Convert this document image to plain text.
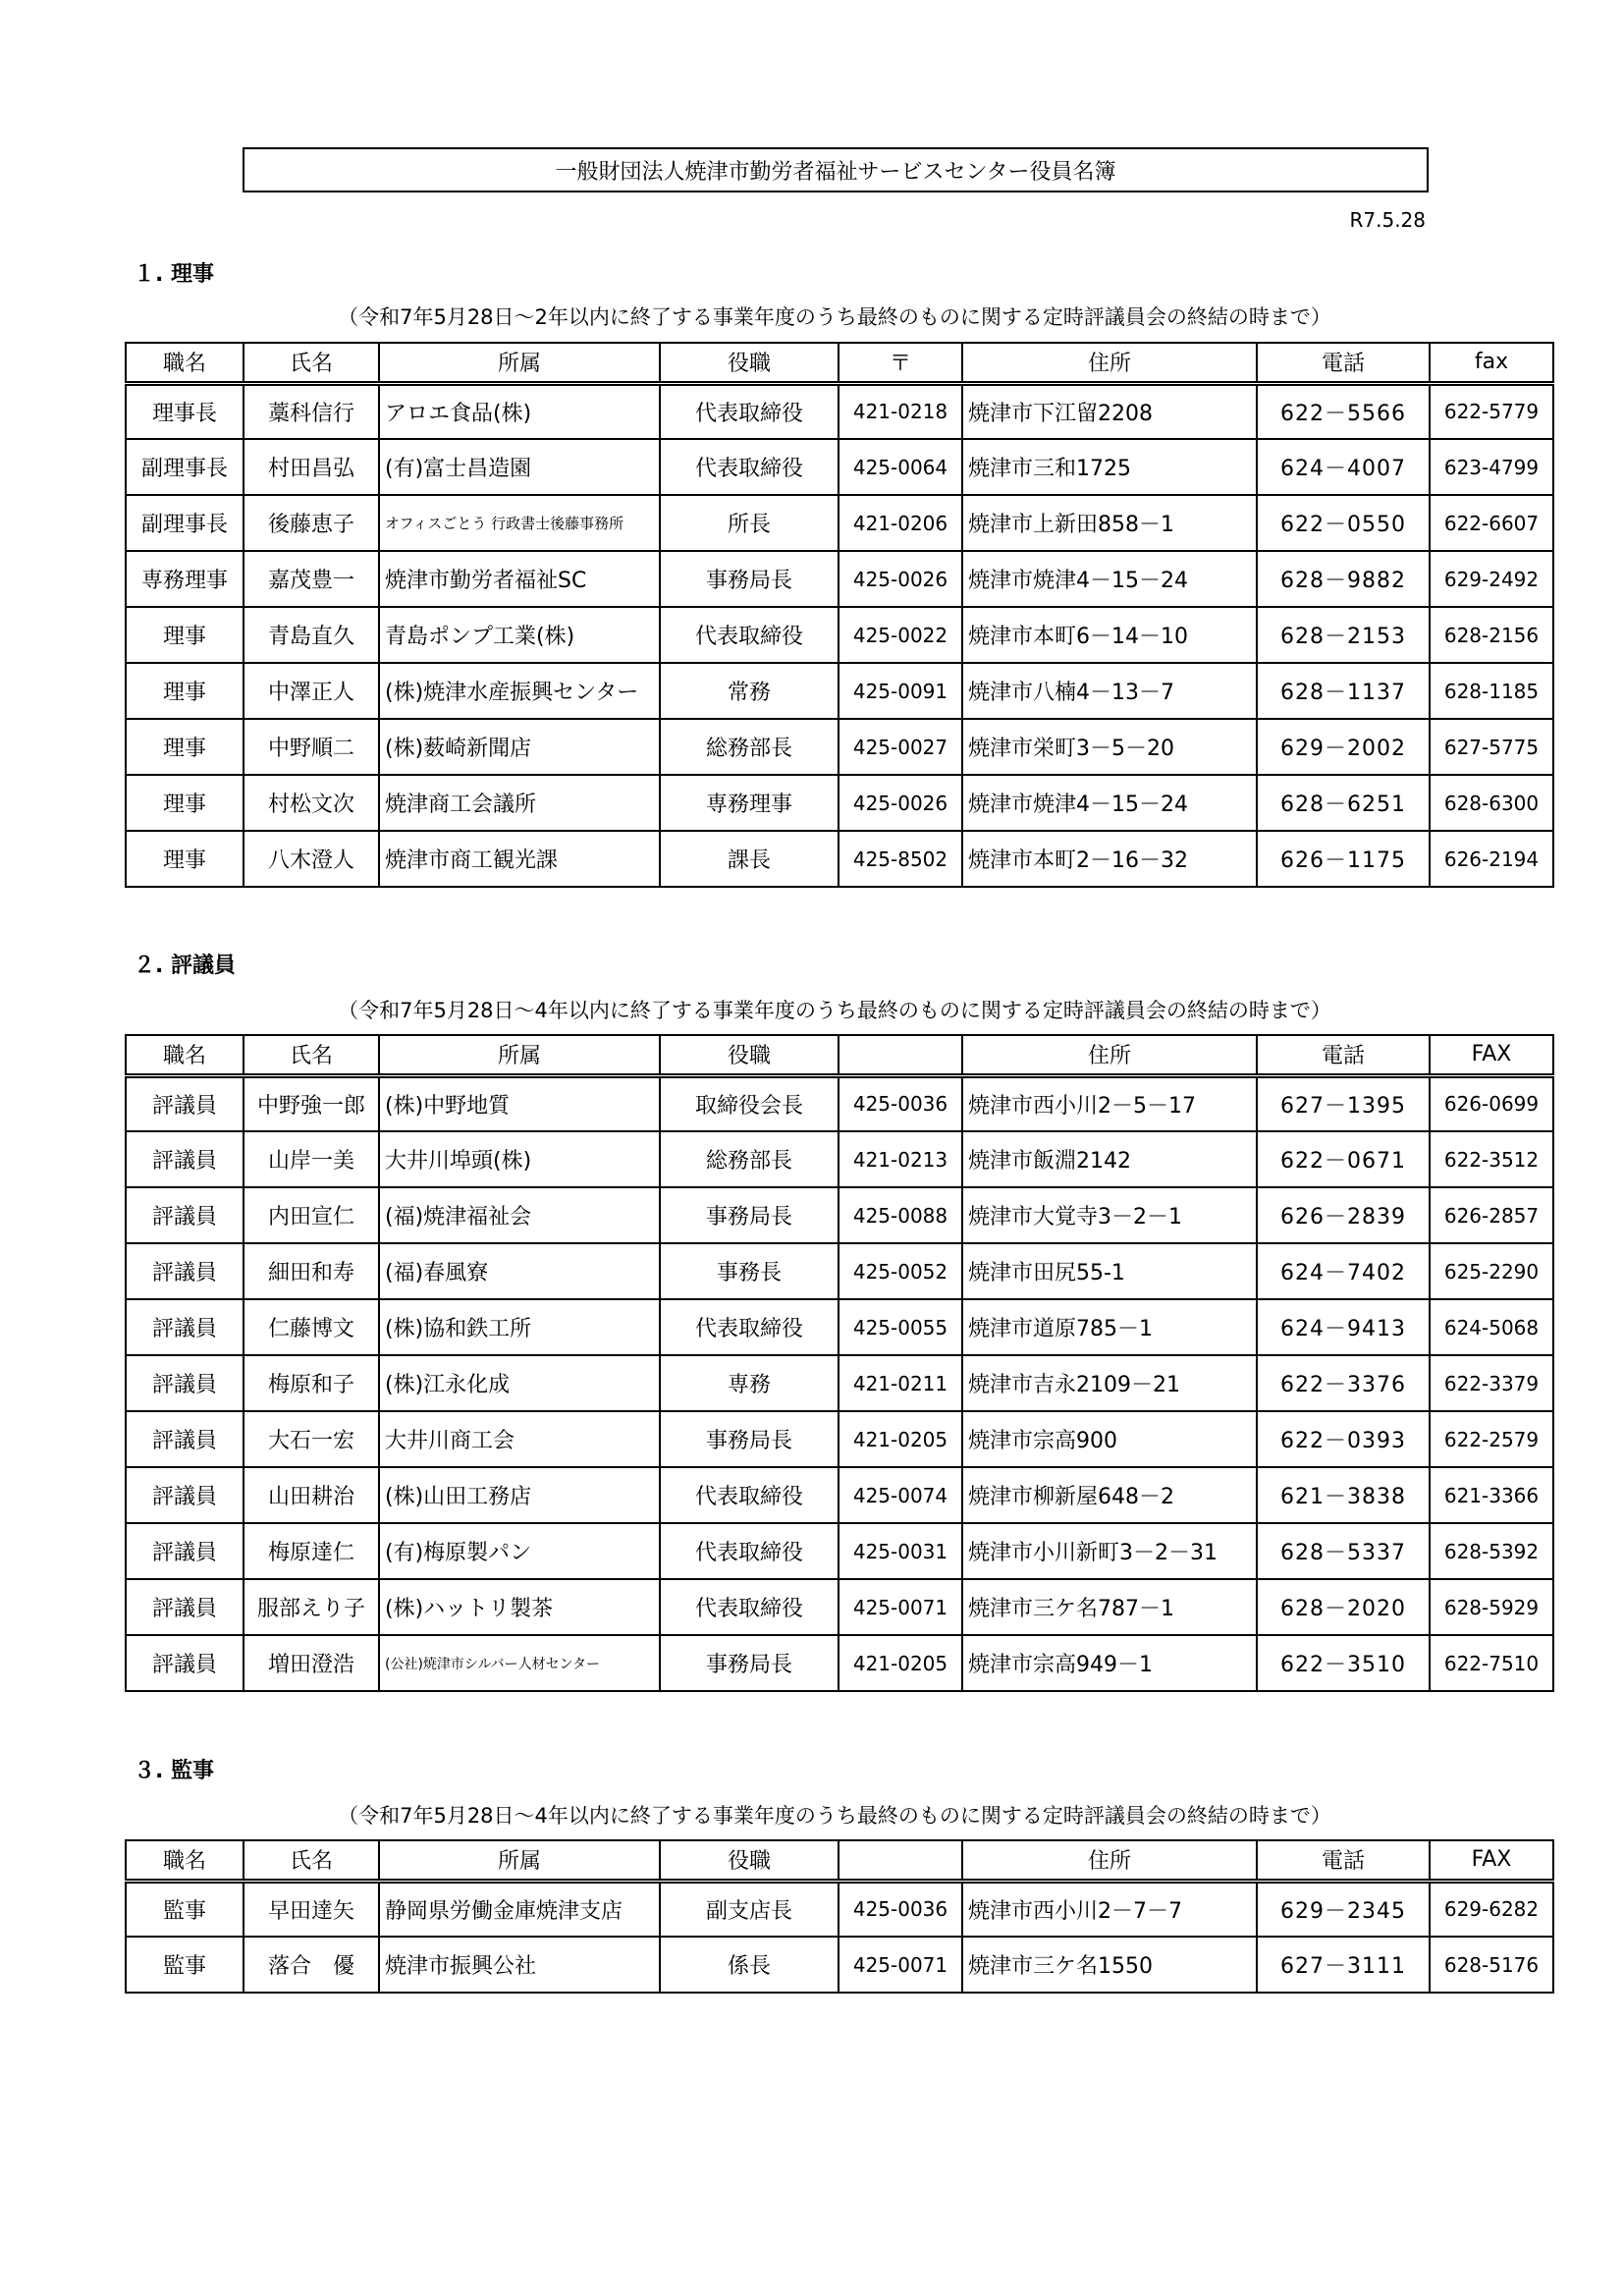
一般財団法人焼津市勤労者福祉サービスセンター役員名簿
R7.5.28
１. 理事
（令和7年5月28日～2年以内に終了する事業年度のうち最終のものに関する定時評議員会の終結の時まで）
職名	氏名	所属	役職	〒	住所	電話	fax
理事長	藁科信行	アロエ食品(株)	代表取締役	421-0218	焼津市下江留2208	622－5566	622-5779
副理事長	村田昌弘	(有)富士昌造園	代表取締役	425-0064	焼津市三和1725	624－4007	623-4799
副理事長	後藤恵子	オフィスごとう 行政書士後藤事務所	所長	421-0206	焼津市上新田858－1	622－0550	622-6607
専務理事	嘉茂豊一	焼津市勤労者福祉SC	事務局長	425-0026	焼津市焼津4－15－24	628－9882	629-2492
理事	青島直久	青島ポンプ工業(株)	代表取締役	425-0022	焼津市本町6－14－10	628－2153	628-2156
理事	中澤正人	(株)焼津水産振興センター	常務	425-0091	焼津市八楠4－13－7	628－1137	628-1185
理事	中野順二	(株)薮崎新聞店	総務部長	425-0027	焼津市栄町3－5－20	629－2002	627-5775
理事	村松文次	焼津商工会議所	専務理事	425-0026	焼津市焼津4－15－24	628－6251	628-6300
理事	八木澄人	焼津市商工観光課	課長	425-8502	焼津市本町2－16－32	626－1175	626-2194
２. 評議員
（令和7年5月28日～4年以内に終了する事業年度のうち最終のものに関する定時評議員会の終結の時まで）
職名	氏名	所属	役職		住所	電話	FAX
評議員	中野強一郎	(株)中野地質	取締役会長	425-0036	焼津市西小川2－5－17	627－1395	626-0699
評議員	山岸一美	大井川埠頭(株)	総務部長	421-0213	焼津市飯淵2142	622－0671	622-3512
評議員	内田宣仁	(福)焼津福祉会	事務局長	425-0088	焼津市大覚寺3－2－1	626－2839	626-2857
評議員	細田和寿	(福)春風寮	事務長	425-0052	焼津市田尻55-1	624－7402	625-2290
評議員	仁藤博文	(株)協和鉄工所	代表取締役	425-0055	焼津市道原785－1	624－9413	624-5068
評議員	梅原和子	(株)江永化成	専務	421-0211	焼津市吉永2109－21	622－3376	622-3379
評議員	大石一宏	大井川商工会	事務局長	421-0205	焼津市宗高900	622－0393	622-2579
評議員	山田耕治	(株)山田工務店	代表取締役	425-0074	焼津市柳新屋648－2	621－3838	621-3366
評議員	梅原達仁	(有)梅原製パン	代表取締役	425-0031	焼津市小川新町3－2－31	628－5337	628-5392
評議員	服部えり子	(株)ハットリ製茶	代表取締役	425-0071	焼津市三ケ名787－1	628－2020	628-5929
評議員	増田澄浩	(公社)焼津市シルバー人材センター	事務局長	421-0205	焼津市宗高949－1	622－3510	622-7510
３. 監事
（令和7年5月28日～4年以内に終了する事業年度のうち最終のものに関する定時評議員会の終結の時まで）
職名	氏名	所属	役職		住所	電話	FAX
監事	早田達矢	静岡県労働金庫焼津支店	副支店長	425-0036	焼津市西小川2－7－7	629－2345	629-6282
監事	落合　優	焼津市振興公社	係長	425-0071	焼津市三ケ名1550	627－3111	628-5176
